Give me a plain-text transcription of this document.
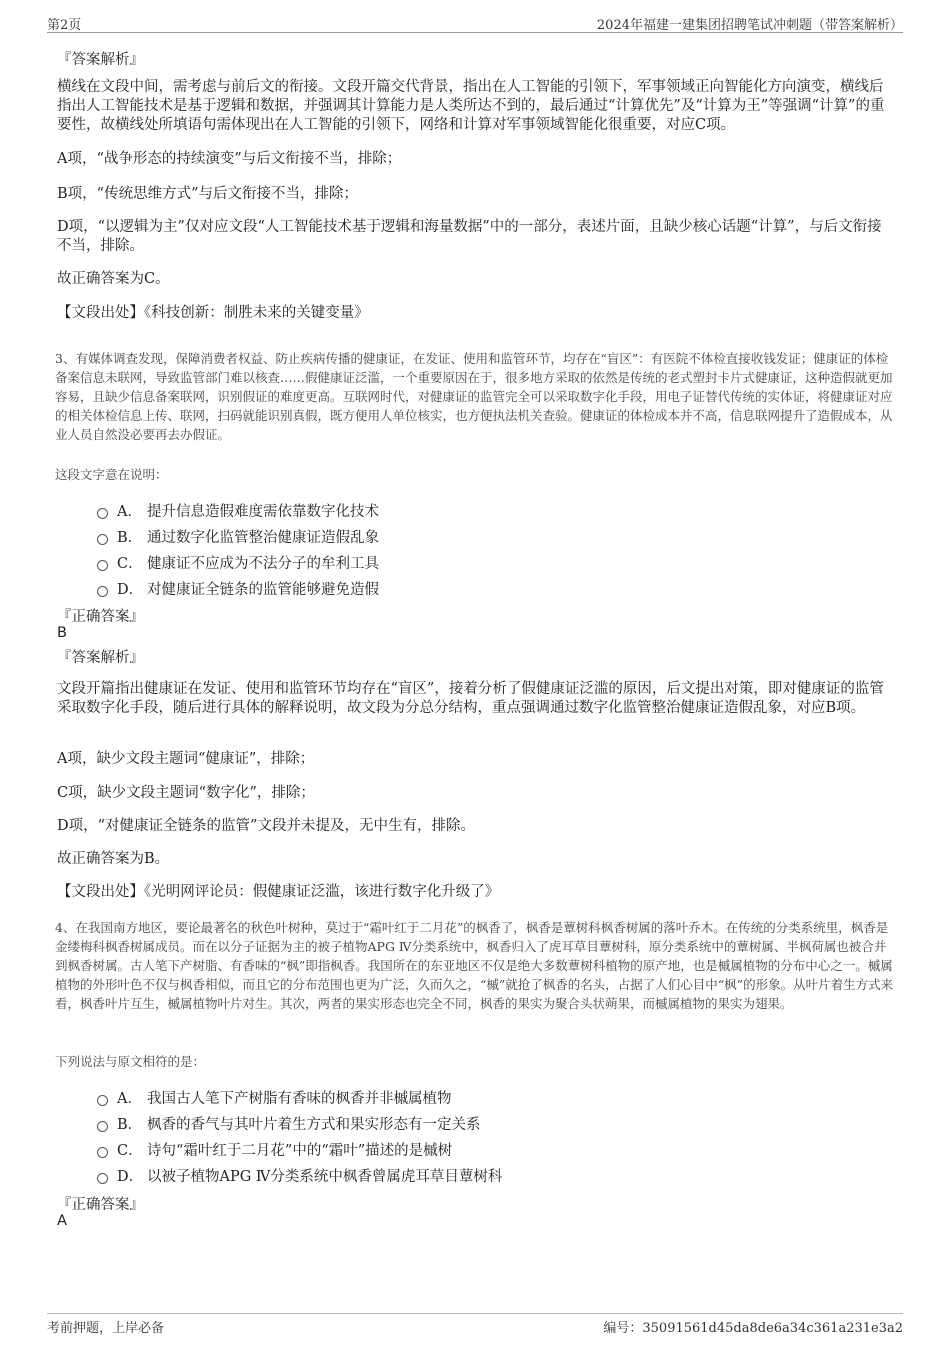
第2页	2024年福建一建集团招聘笔试冲刺题（带答案解析）
『答案解析』

横线在文段中间，需考虑与前后文的衔接。文段开篇交代背景，指出在人工智能的引领下，军事领域正向智能化方向演变，横线后指出人工智能技术是基于逻辑和数据，并强调其计算能力是人类所达不到的，最后通过“计算优先”及“计算为王”等强调“计算”的重要性，故横线处所填语句需体现出在人工智能的引领下，网络和计算对军事领域智能化很重要，对应C项。

A项，“战争形态的持续演变”与后文衔接不当，排除；

B项，“传统思维方式”与后文衔接不当，排除；

D项，“以逻辑为主”仅对应文段“人工智能技术基于逻辑和海量数据”中的一部分，表述片面，且缺少核心话题“计算”，与后文衔接不当，排除。

故正确答案为C。

【文段出处】《科技创新：制胜未来的关键变量》

3、有媒体调查发现，保障消费者权益、防止疾病传播的健康证，在发证、使用和监管环节，均存在“盲区”：有医院不体检直接收钱发证；健康证的体检备案信息未联网，导致监管部门难以核查……假健康证泛滥，一个重要原因在于，很多地方采取的依然是传统的老式塑封卡片式健康证，这种造假就更加容易，且缺少信息备案联网，识别假证的难度更高。互联网时代，对健康证的监管完全可以采取数字化手段，用电子证替代传统的实体证，将健康证对应的相关体检信息上传、联网，扫码就能识别真假，既方便用人单位核实，也方便执法机关查验。健康证的体检成本并不高，信息联网提升了造假成本，从业人员自然没必要再去办假证。

这段文字意在说明：
A． 提升信息造假难度需依靠数字化技术
B． 通过数字化监管整治健康证造假乱象
C． 健康证不应成为不法分子的牟利工具
D． 对健康证全链条的监管能够避免造假
『正确答案』
B
『答案解析』

文段开篇指出健康证在发证、使用和监管环节均存在“盲区”，接着分析了假健康证泛滥的原因，后文提出对策，即对健康证的监管采取数字化手段，随后进行具体的解释说明，故文段为分总分结构，重点强调通过数字化监管整治健康证造假乱象，对应B项。

A项，缺少文段主题词“健康证”，排除；

C项，缺少文段主题词“数字化”，排除；

D项，“对健康证全链条的监管”文段并未提及，无中生有，排除。

故正确答案为B。

【文段出处】《光明网评论员：假健康证泛滥，该进行数字化升级了》

4、在我国南方地区，要论最著名的秋色叶树种，莫过于“霜叶红于二月花”的枫香了，枫香是蕈树科枫香树属的落叶乔木。在传统的分类系统里，枫香是金缕梅科枫香树属成员。而在以分子证据为主的被子植物APG Ⅳ分类系统中，枫香归入了虎耳草目蕈树科，原分类系统中的蕈树属、半枫荷属也被合并到枫香树属。古人笔下产树脂、有香味的“枫”即指枫香。我国所在的东亚地区不仅是绝大多数蕈树科植物的原产地，也是槭属植物的分布中心之一。槭属植物的外形叶色不仅与枫香相似，而且它的分布范围也更为广泛，久而久之，“槭”就抢了枫香的名头，占据了人们心目中“枫”的形象。从叶片着生方式来看，枫香叶片互生，槭属植物叶片对生。其次，两者的果实形态也完全不同，枫香的果实为聚合头状蒴果，而槭属植物的果实为翅果。

下列说法与原文相符的是：
A． 我国古人笔下产树脂有香味的枫香并非槭属植物
B． 枫香的香气与其叶片着生方式和果实形态有一定关系
C． 诗句“霜叶红于二月花”中的“霜叶”描述的是槭树
D． 以被子植物APG Ⅳ分类系统中枫香曾属虎耳草目蕈树科
『正确答案』
A
考前押题，上岸必备	编号：35091561d45da8de6a34c361a231e3a2
